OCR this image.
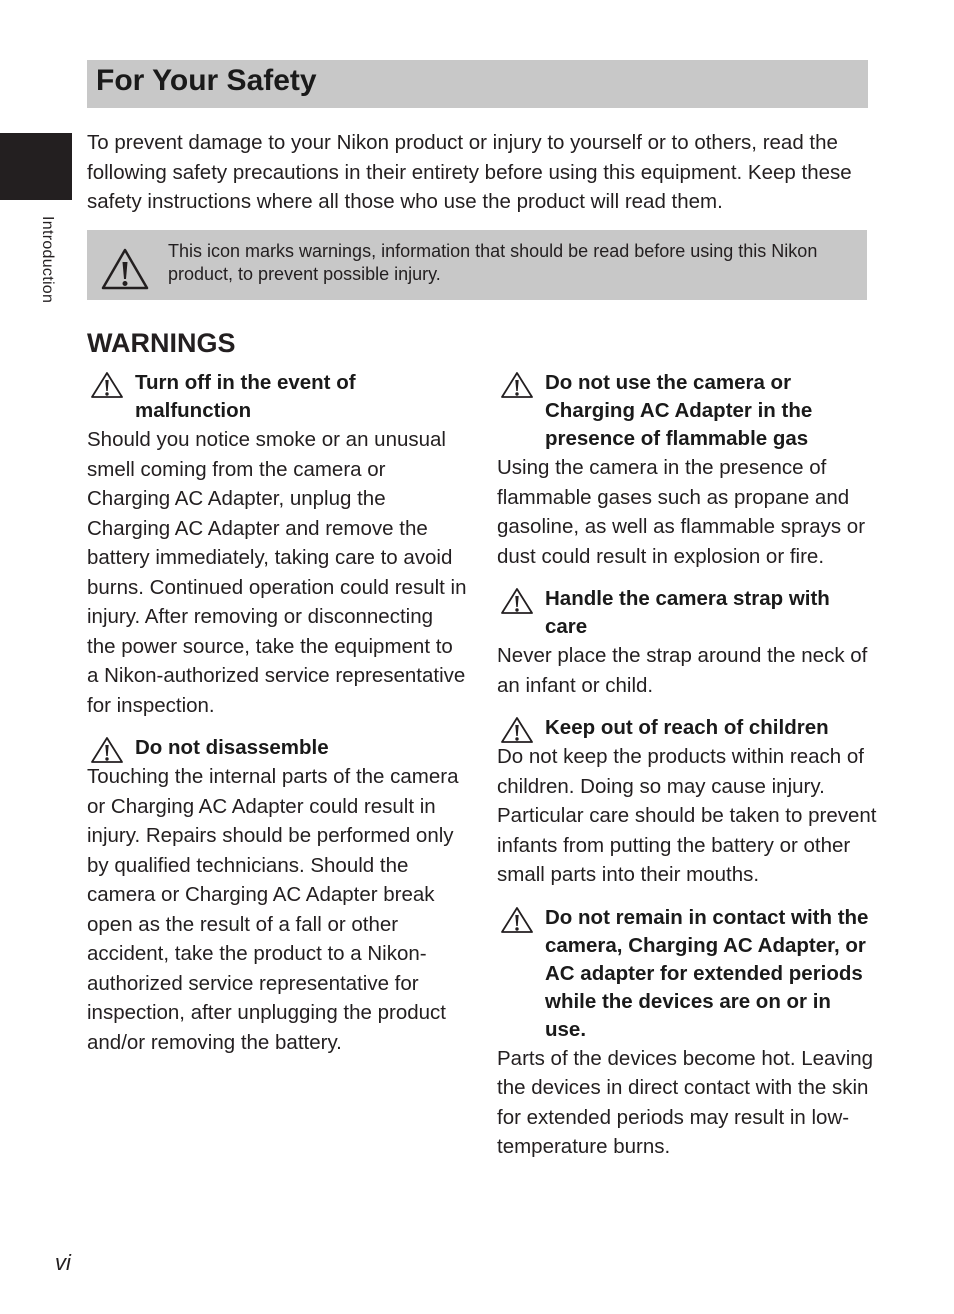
For Your Safety
Introduction

To prevent damage to your Nikon product or injury to yourself or to others, read the following safety precautions in their entirety before using this equipment. Keep these safety instructions where all those who use the product will read them.

This icon marks warnings, information that should be read before using this Nikon product, to prevent possible injury.

WARNINGS
Turn off in the event of malfunction

Should you notice smoke or an unusual smell coming from the camera or Charging AC Adapter, unplug the Charging AC Adapter and remove the battery immediately, taking care to avoid burns. Continued operation could result in injury. After removing or disconnecting the power source, take the equipment to a Nikon-authorized service representative for inspection.

Do not disassemble

Touching the internal parts of the camera or Charging AC Adapter could result in injury. Repairs should be performed only by qualified technicians. Should the camera or Charging AC Adapter break open as the result of a fall or other accident, take the product to a Nikon-authorized service representative for inspection, after unplugging the product and/or removing the battery.

Do not use the camera or Charging AC Adapter in the presence of flammable gas

Using the camera in the presence of flammable gases such as propane and gasoline, as well as flammable sprays or dust could result in explosion or fire.

Handle the camera strap with care

Never place the strap around the neck of an infant or child.

Keep out of reach of children

Do not keep the products within reach of children. Doing so may cause injury. Particular care should be taken to prevent infants from putting the battery or other small parts into their mouths.

Do not remain in contact with the camera, Charging AC Adapter, or AC adapter for extended periods while the devices are on or in use.

Parts of the devices become hot. Leaving the devices in direct contact with the skin for extended periods may result in low-temperature burns.

vi
